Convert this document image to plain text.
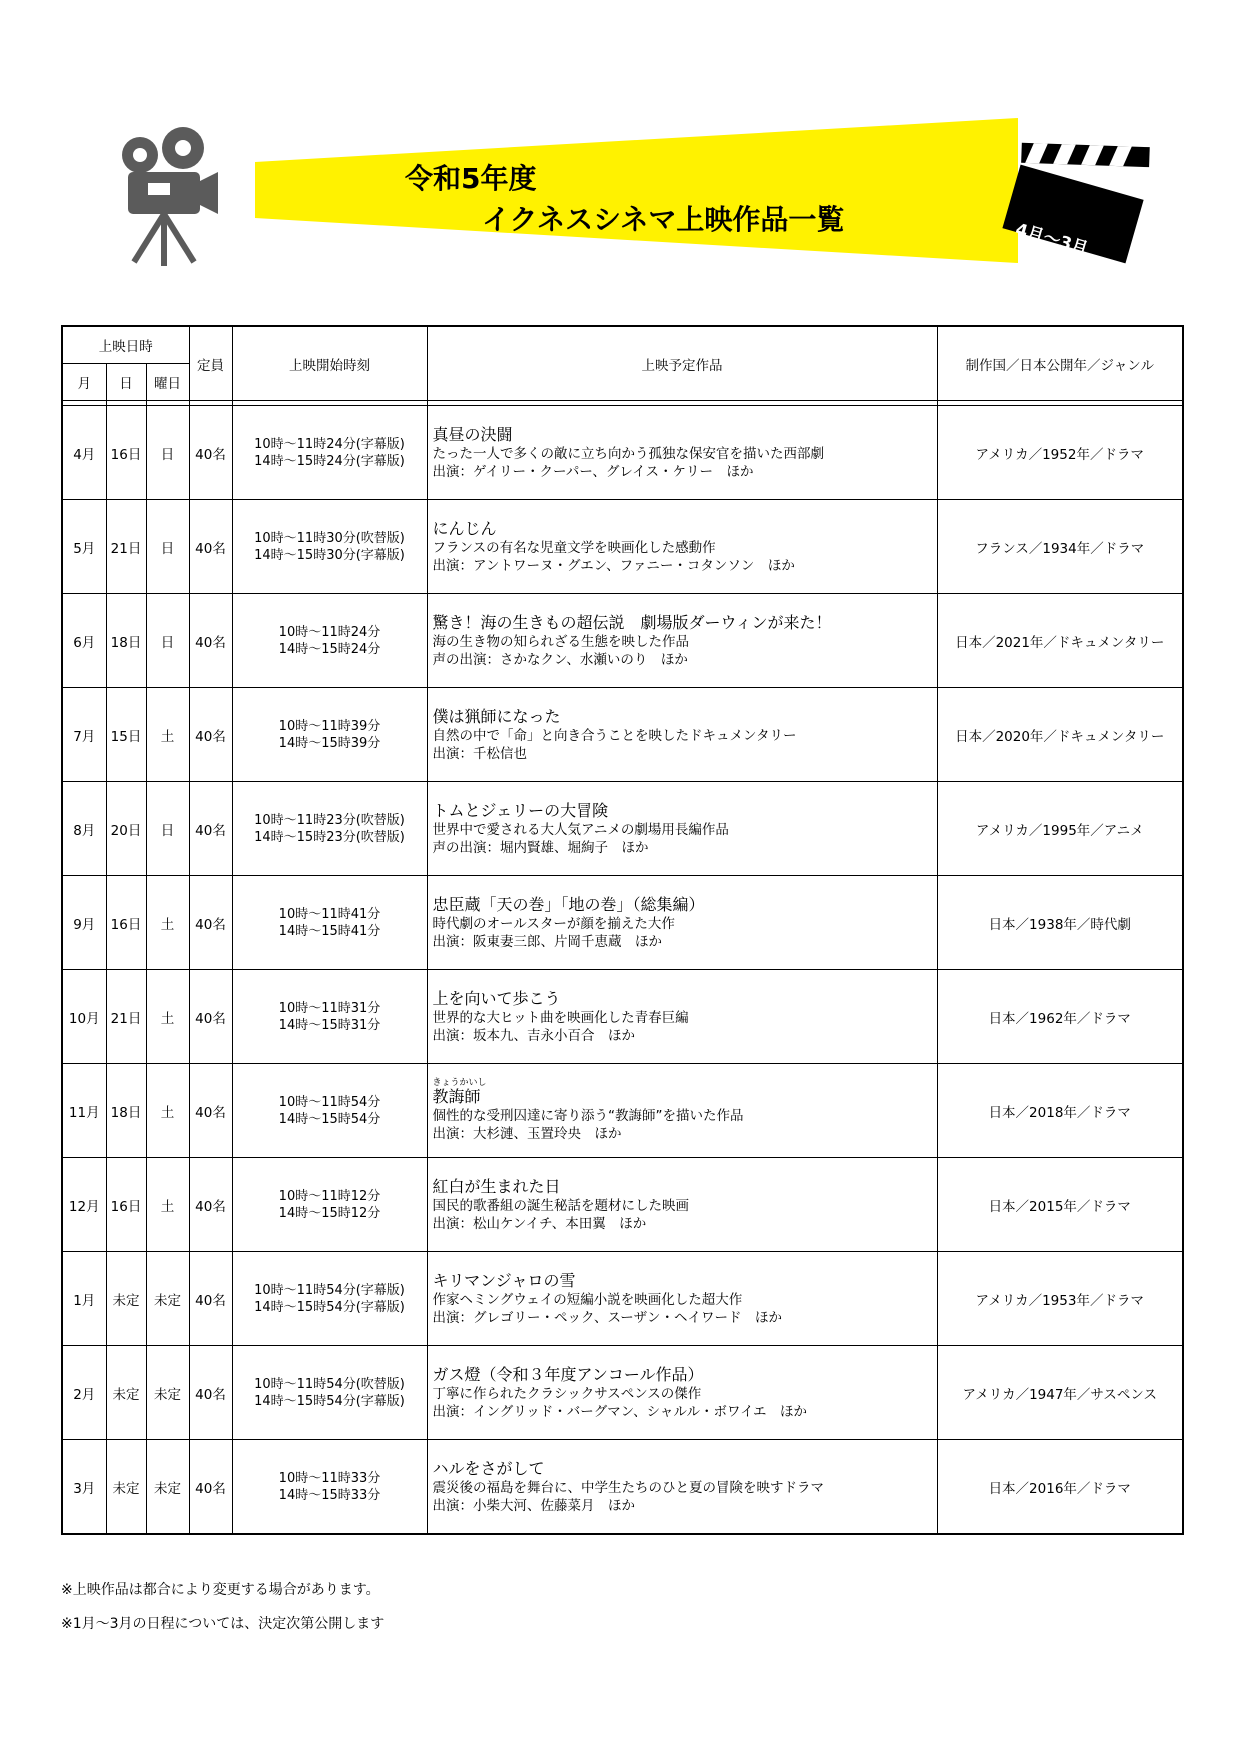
令和5年度
イクネスシネマ上映作品一覧
4月～3月
上映日時			定員	上映開始時刻	上映予定作品	制作国／日本公開年／ジャンル
月	日	曜日				

4月	16日	日	40名	10時～11時24分(字幕版)
14時～15時24分(字幕版)	真昼の決闘
たった一人で多くの敵に立ち向かう孤独な保安官を描いた西部劇
出演：ゲイリー・クーパー、グレイス・ケリー　ほか	アメリカ／1952年／ドラマ
5月	21日	日	40名	10時～11時30分(吹替版)
14時～15時30分(字幕版)	にんじん
フランスの有名な児童文学を映画化した感動作
出演：アントワーヌ・グエン、ファニー・コタンソン　ほか	フランス／1934年／ドラマ
6月	18日	日	40名	10時～11時24分
14時～15時24分	驚き！海の生きもの超伝説　劇場版ダーウィンが来た！
海の生き物の知られざる生態を映した作品
声の出演：さかなクン、水瀬いのり　ほか	日本／2021年／ドキュメンタリー
7月	15日	土	40名	10時～11時39分
14時～15時39分	僕は猟師になった
自然の中で「命」と向き合うことを映したドキュメンタリー
出演：千松信也	日本／2020年／ドキュメンタリー
8月	20日	日	40名	10時～11時23分(吹替版)
14時～15時23分(吹替版)	トムとジェリーの大冒険
世界中で愛される大人気アニメの劇場用長編作品
声の出演：堀内賢雄、堀絢子　ほか	アメリカ／1995年／アニメ
9月	16日	土	40名	10時～11時41分
14時～15時41分	忠臣蔵「天の巻」「地の巻」（総集編）
時代劇のオールスターが顔を揃えた大作
出演：阪東妻三郎、片岡千恵蔵　ほか	日本／1938年／時代劇
10月	21日	土	40名	10時～11時31分
14時～15時31分	上を向いて歩こう
世界的な大ヒット曲を映画化した青春巨編
出演：坂本九、吉永小百合　ほか	日本／1962年／ドラマ
11月	18日	土	40名	10時～11時54分
14時～15時54分	きょうかいし
教誨師
個性的な受刑囚達に寄り添う“教誨師”を描いた作品
出演：大杉漣、玉置玲央　ほか	日本／2018年／ドラマ
12月	16日	土	40名	10時～11時12分
14時～15時12分	紅白が生まれた日
国民的歌番組の誕生秘話を題材にした映画
出演：松山ケンイチ、本田翼　ほか	日本／2015年／ドラマ
1月	未定	未定	40名	10時～11時54分(字幕版)
14時～15時54分(字幕版)	キリマンジャロの雪
作家ヘミングウェイの短編小説を映画化した超大作
出演：グレゴリー・ペック、スーザン・ヘイワード　ほか	アメリカ／1953年／ドラマ
2月	未定	未定	40名	10時～11時54分(吹替版)
14時～15時54分(字幕版)	ガス燈（令和３年度アンコール作品）
丁寧に作られたクラシックサスペンスの傑作
出演：イングリッド・バーグマン、シャルル・ボワイエ　ほか	アメリカ／1947年／サスペンス
3月	未定	未定	40名	10時～11時33分
14時～15時33分	ハルをさがして
震災後の福島を舞台に、中学生たちのひと夏の冒険を映すドラマ
出演：小柴大河、佐藤菜月　ほか	日本／2016年／ドラマ
※上映作品は都合により変更する場合があります。
※1月～3月の日程については、決定次第公開します
